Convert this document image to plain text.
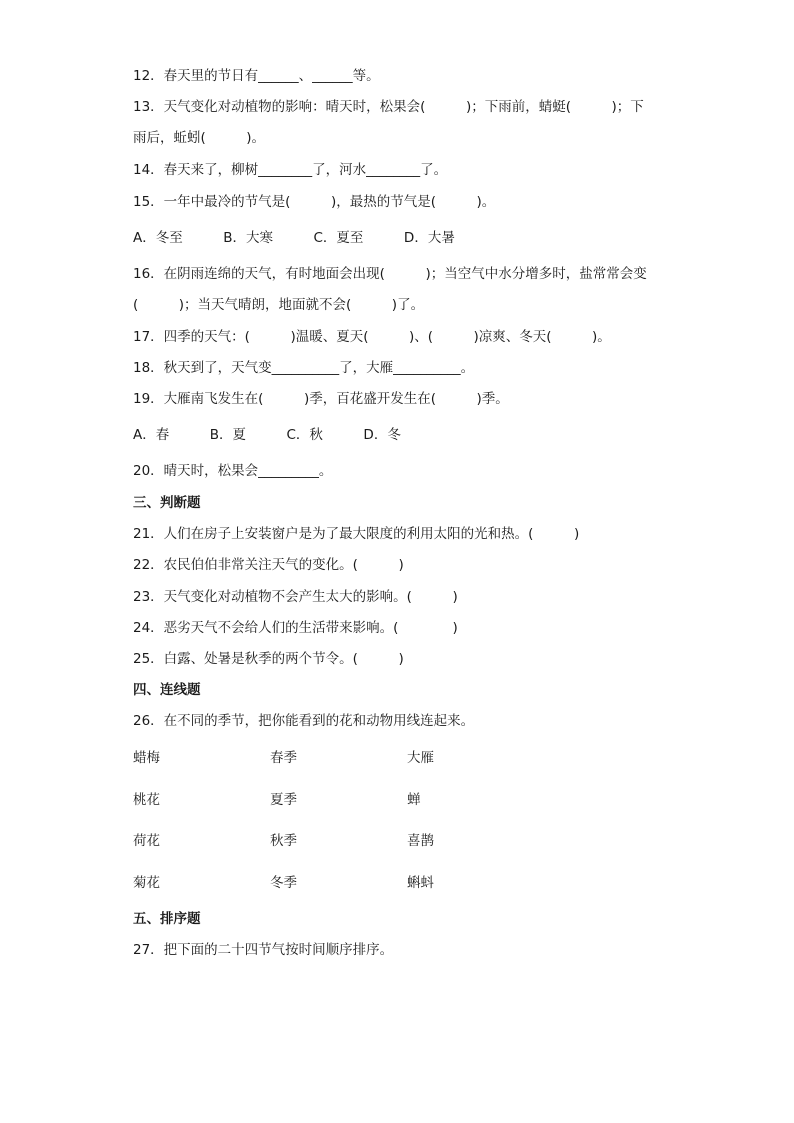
12．春天里的节日有______、______等。
13．天气变化对动植物的影响：晴天时，松果会(　　　)；下雨前，蜻蜓(　　　)；下
雨后，蚯蚓(　　　)。
14．春天来了，柳树________了，河水________了。
15．一年中最冷的节气是(　　　)，最热的节气是(　　　)。
A．冬至　　　B．大寒　　　C．夏至　　　D．大暑
16．在阴雨连绵的天气，有时地面会出现(　　　)；当空气中水分增多时，盐常常会变
(　　　)；当天气晴朗，地面就不会(　　　)了。
17．四季的天气：(　　　)温暖、夏天(　　　)、(　　　)凉爽、冬天(　　　)。
18．秋天到了，天气变__________了，大雁__________。
19．大雁南飞发生在(　　　)季，百花盛开发生在(　　　)季。
A．春　　　B．夏　　　C．秋　　　D．冬
20．晴天时，松果会_________。
三、判断题
21．人们在房子上安装窗户是为了最大限度的利用太阳的光和热。(　　　)
22．农民伯伯非常关注天气的变化。(　　　)
23．天气变化对动植物不会产生太大的影响。(　　　)
24．恶劣天气不会给人们的生活带来影响。(　　　　)
25．白露、处暑是秋季的两个节令。(　　　)
四、连线题
26．在不同的季节，把你能看到的花和动物用线连起来。
蜡梅	春季	大雁
桃花	夏季	蝉
荷花	秋季	喜鹊
菊花	冬季	蝌蚪
五、排序题
27．把下面的二十四节气按时间顺序排序。
